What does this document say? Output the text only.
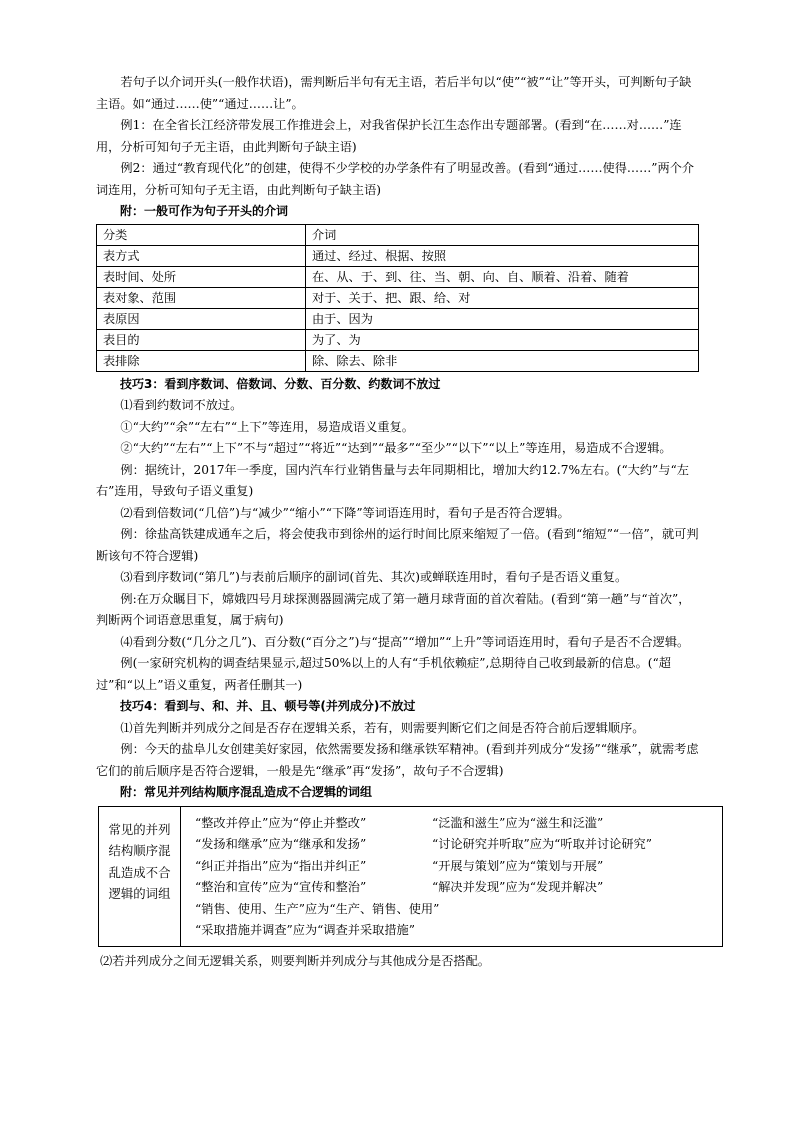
若句子以介词开头(一般作状语)，需判断后半句有无主语，若后半句以“使”“被”“让”等开头，可判断句子缺主语。如“通过……使”“通过……让”。

例1：在全省长江经济带发展工作推进会上，对我省保护长江生态作出专题部署。(看到“在……对……”连用，分析可知句子无主语，由此判断句子缺主语)

例2：通过“教育现代化”的创建，使得不少学校的办学条件有了明显改善。(看到“通过……使得……”两个介词连用，分析可知句子无主语，由此判断句子缺主语)

附：一般可作为句子开头的介词

分类	介词
表方式	通过、经过、根据、按照
表时间、处所	在、从、于、到、往、当、朝、向、自、顺着、沿着、随着
表对象、范围	对于、关于、把、跟、给、对
表原因	由于、因为
表目的	为了、为
表排除	除、除去、除非

技巧3：看到序数词、倍数词、分数、百分数、约数词不放过

⑴看到约数词不放过。

①“大约”“余”“左右”“上下”等连用，易造成语义重复。

②“大约”“左右”“上下”不与“超过”“将近”“达到”“最多”“至少”“以下”“以上”等连用，易造成不合逻辑。

例：据统计，2017年一季度，国内汽车行业销售量与去年同期相比，增加大约12.7%左右。(“大约”与“左右”连用，导致句子语义重复)

⑵看到倍数词(“几倍”)与“减少”“缩小”“下降”等词语连用时，看句子是否符合逻辑。

例：徐盐高铁建成通车之后，将会使我市到徐州的运行时间比原来缩短了一倍。(看到“缩短”“一倍”，就可判断该句不符合逻辑)

⑶看到序数词(“第几”)与表前后顺序的副词(首先、其次)或蝉联连用时，看句子是否语义重复。

例:在万众瞩目下，嫦娥四号月球探测器圆满完成了第一趟月球背面的首次着陆。(看到“第一趟”与“首次”，判断两个词语意思重复，属于病句)

⑷看到分数(“几分之几”)、百分数(“百分之”)与“提高”“增加”“上升”等词语连用时，看句子是否不合逻辑。

例(一家研究机构的调查结果显示,超过50%以上的人有“手机依赖症”,总期待自己收到最新的信息。(“超过”和“以上”语义重复，两者任删其一)

技巧4：看到与、和、并、且、顿号等(并列成分)不放过

⑴首先判断并列成分之间是否存在逻辑关系，若有，则需要判断它们之间是否符合前后逻辑顺序。

例：今天的盐阜儿女创建美好家园，依然需要发扬和继承铁军精神。(看到并列成分“发扬”“继承”，就需考虑它们的前后顺序是否符合逻辑，一般是先“继承”再“发扬”，故句子不合逻辑)

附：常见并列结构顺序混乱造成不合逻辑的词组

常见的并列结构顺序混乱造成不合逻辑的词组
“整改并停止”应为“停止并整改”	“泛滥和滋生”应为“滋生和泛滥”
“发扬和继承”应为“继承和发扬”	“讨论研究并听取”应为“听取并讨论研究”
“纠正并指出”应为“指出并纠正”	“开展与策划”应为“策划与开展”
“整治和宣传”应为“宣传和整治”	“解决并发现”应为“发现并解决”
“销售、使用、生产”应为“生产、销售、使用”
“采取措施并调查”应为“调查并采取措施”

⑵若并列成分之间无逻辑关系，则要判断并列成分与其他成分是否搭配。
